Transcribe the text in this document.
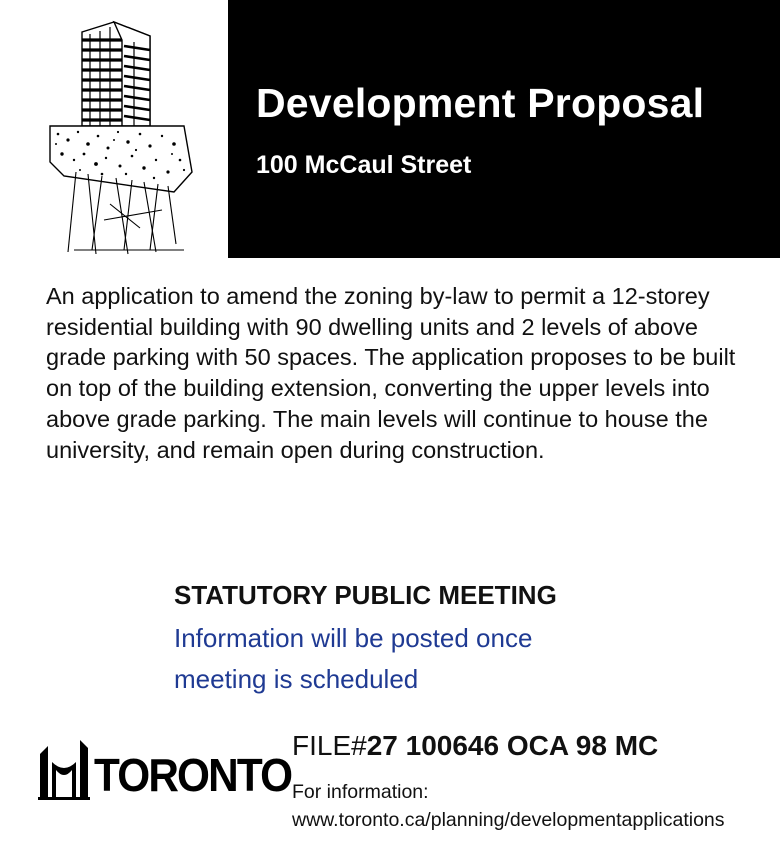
Development Proposal
100 McCaul Street

An application to amend the zoning by-law to permit a 12-storey residential building with 90 dwelling units and 2 levels of above grade parking with 50 spaces. The application proposes to be built on top of the building extension, converting the upper levels into above grade parking. The main levels will continue to house the university, and remain open during construction.

STATUTORY PUBLIC MEETING
Information will be posted once meeting is scheduled
TORONTO

FILE#27 100646 OCA 98 MC

For information:
www.toronto.ca/planning/developmentapplications
